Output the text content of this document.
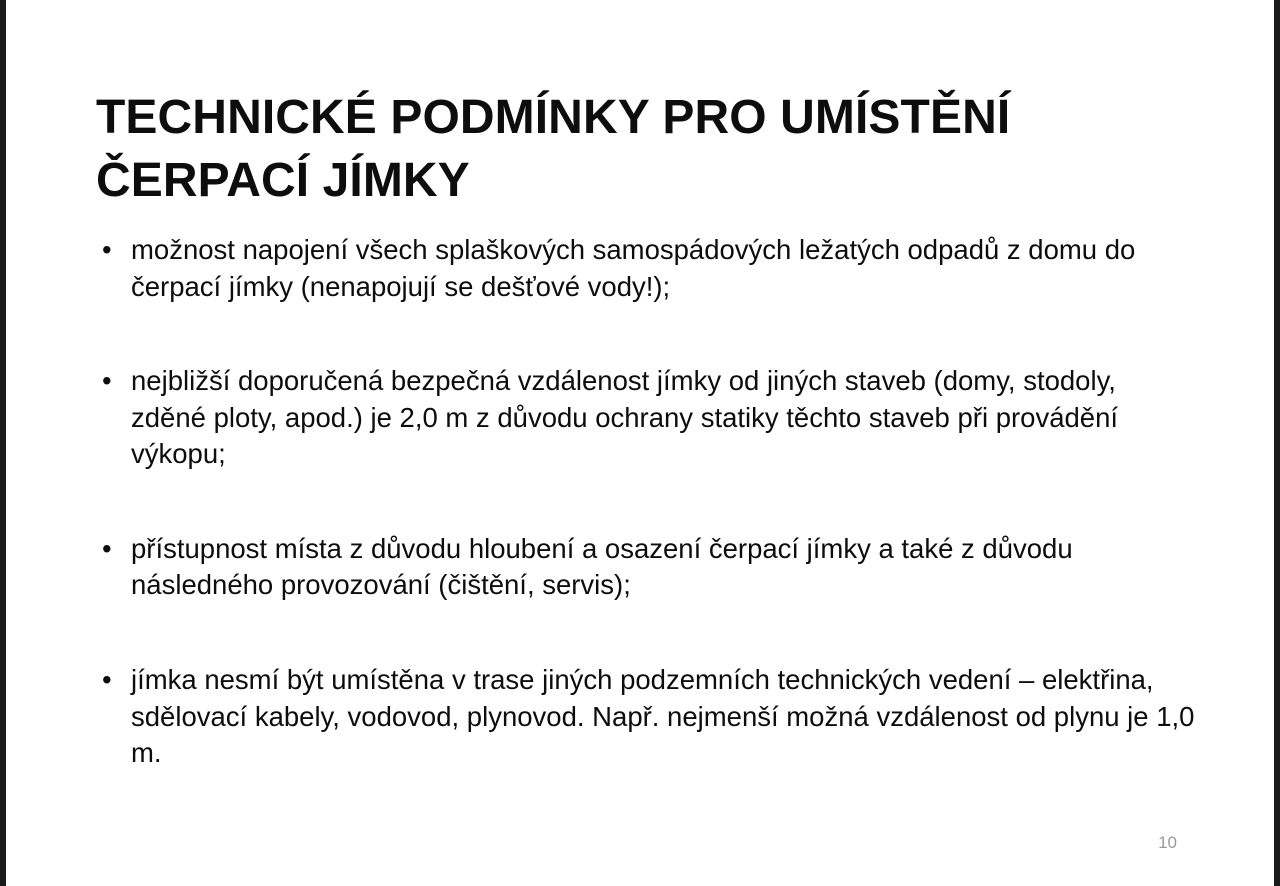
TECHNICKÉ PODMÍNKY PRO UMÍSTĚNÍ ČERPACÍ JÍMKY
• možnost napojení všech splaškových samospádových ležatých odpadů z domu do čerpací jímky (nenapojují se dešťové vody!);
• nejbližší doporučená bezpečná vzdálenost jímky od jiných staveb (domy, stodoly, zděné ploty, apod.) je 2,0 m z důvodu ochrany statiky těchto staveb při provádění výkopu;
• přístupnost místa z důvodu hloubení a osazení čerpací jímky a také z důvodu následného provozování (čištění, servis);
• jímka nesmí být umístěna v trase jiných podzemních technických vedení – elektřina, sdělovací kabely, vodovod, plynovod. Např. nejmenší možná vzdálenost od plynu je 1,0 m.
10
